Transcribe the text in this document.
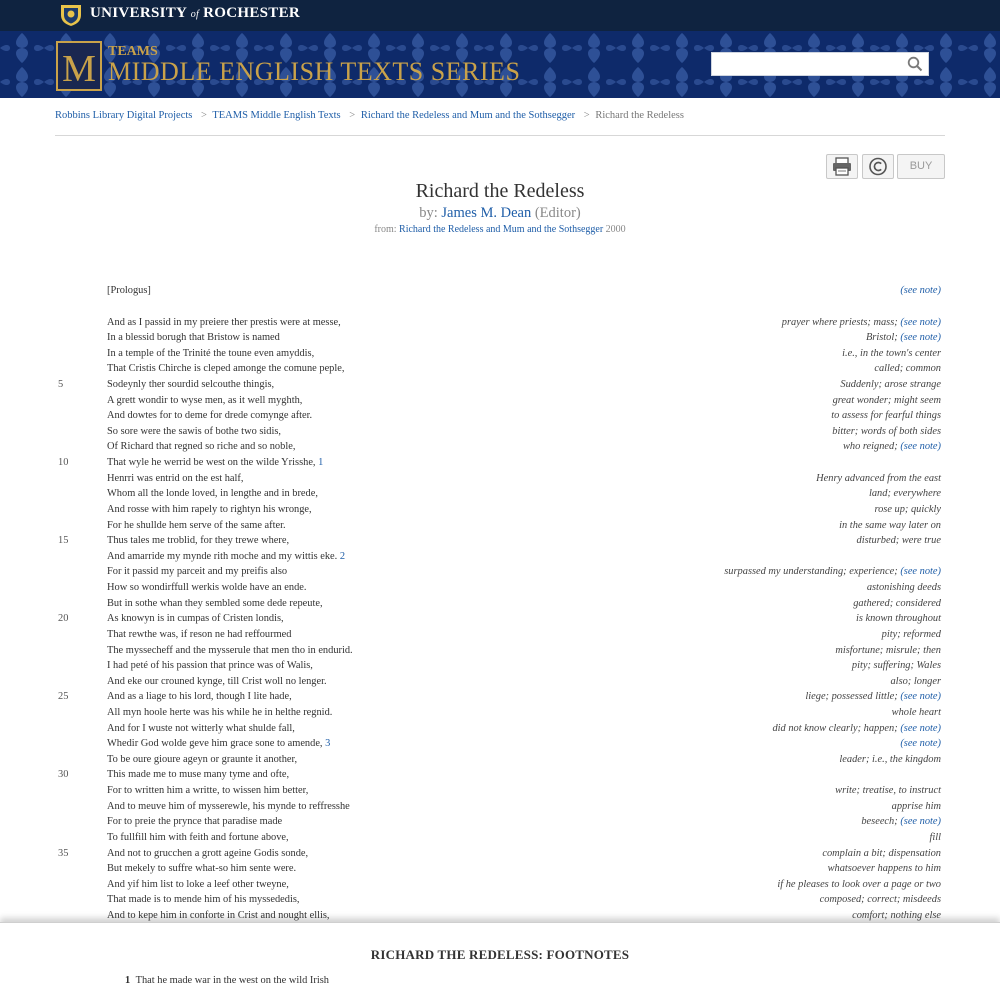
UNIVERSITY of ROCHESTER
M TEAMS
MIDDLE ENGLISH TEXTS SERIES
Robbins Library Digital Projects > TEAMS Middle English Texts > Richard the Redeless and Mum and the Sothsegger > Richard the Redeless
BUY
Richard the Redeless
by: James M. Dean (Editor)
from: Richard the Redeless and Mum and the Sothsegger 2000
[Prologus]	(see note)
And as I passid in my preiere ther prestis were at messe,	prayer where priests; mass; (see note)
In a blessid borugh that Bristow is named	Bristol; (see note)
In a temple of the Trinité the toune even amyddis,	i.e., in the town's center
That Cristis Chirche is cleped amonge the comune peple,	called; common
5	Sodeynly ther sourdid selcouthe thingis,	Suddenly; arose strange
A grett wondir to wyse men, as it well myghth,	great wonder; might seem
And dowtes for to deme for drede comynge after.	to assess for fearful things
So sore were the sawis of bothe two sidis,	bitter; words of both sides
Of Richard that regned so riche and so noble,	who reigned; (see note)
10	That wyle he werrid be west on the wilde Yrisshe, 1
Henrri was entrid on the est half,	Henry advanced from the east
Whom all the londe loved, in lengthe and in brede,	land; everywhere
And rosse with him rapely to rightyn his wronge,	rose up; quickly
For he shullde hem serve of the same after.	in the same way later on
15	Thus tales me troblid, for they trewe where,	disturbed; were true
And amarride my mynde rith moche and my wittis eke. 2
For it passid my parceit and my preifis also	surpassed my understanding; experience; (see note)
How so wondirffull werkis wolde have an ende.	astonishing deeds
But in sothe whan they sembled some dede repeute,	gathered; considered
20	As knowyn is in cumpas of Cristen londis,	is known throughout
That rewthe was, if reson ne had reffourmed	pity; reformed
The myssecheff and the mysserule that men tho in endurid.	misfortune; misrule; then
I had peté of his passion that prince was of Walis,	pity; suffering; Wales
And eke our crouned kynge, till Crist woll no lenger.	also; longer
25	And as a liage to his lord, though I lite hade,	liege; possessed little; (see note)
All myn hoole herte was his while he in helthe regnid.	whole heart
And for I wuste not witterly what shulde fall,	did not know clearly; happen; (see note)
Whedir God wolde geve him grace sone to amende, 3	(see note)
To be oure gioure ageyn or graunte it another,	leader; i.e., the kingdom
30	This made me to muse many tyme and ofte,
For to written him a writte, to wissen him better,	write; treatise, to instruct
And to meuve him of mysserewle, his mynde to reffresshe	apprise him
For to preie the prynce that paradise made	beseech; (see note)
To fullfill him with feith and fortune above,	fill
35	And not to grucchen a grott ageine Godis sonde,	complain a bit; dispensation
But mekely to suffre what-so him sente were.	whatsoever happens to him
And yif him list to loke a leef other tweyne,	if he pleases to look over a page or two
That made is to mende him of his myssededis,	composed; correct; misdeeds
And to kepe him in conforte in Crist and nought ellis,	comfort; nothing else
RICHARD THE REDELESS: FOOTNOTES
1 That he made war in the west on the wild Irish
